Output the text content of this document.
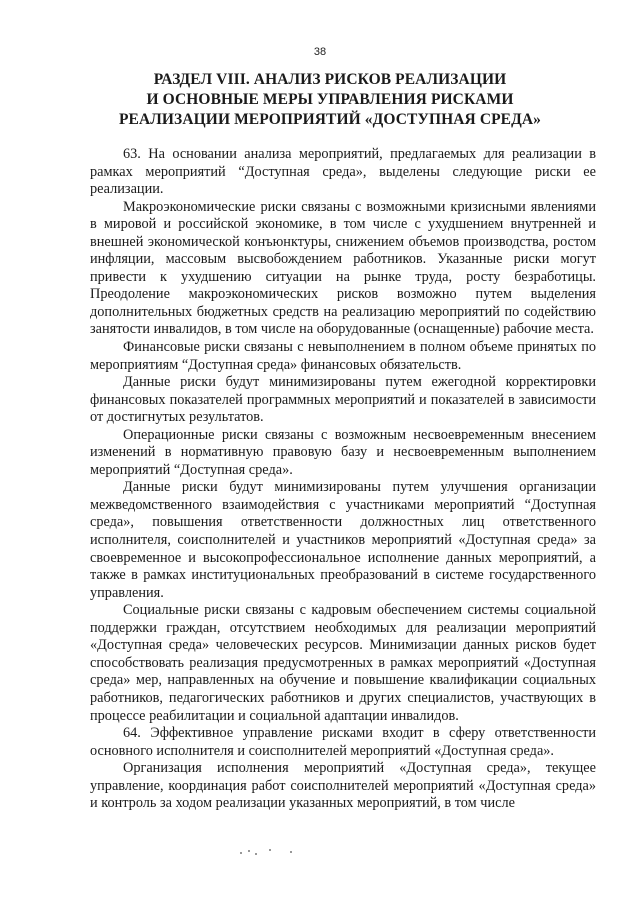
38
РАЗДЕЛ VIII. АНАЛИЗ РИСКОВ РЕАЛИЗАЦИИ
И ОСНОВНЫЕ МЕРЫ УПРАВЛЕНИЯ РИСКАМИ
РЕАЛИЗАЦИИ МЕРОПРИЯТИЙ «ДОСТУПНАЯ СРЕДА»

63. На основании анализа мероприятий, предлагаемых для реализации в рамках мероприятий “Доступная среда», выделены следующие риски ее реализации.

Макроэкономические риски связаны с возможными кризисными явлениями в мировой и российской экономике, в том числе с ухудшением внутренней и внешней экономической конъюнктуры, снижением объемов производства, ростом инфляции, массовым высвобождением работников. Указанные риски могут привести к ухудшению ситуации на рынке труда, росту безработицы. Преодоление макроэкономических рисков возможно путем выделения дополнительных бюджетных средств на реализацию мероприятий по содействию занятости инвалидов, в том числе на оборудованные (оснащенные) рабочие места.

Финансовые риски связаны с невыполнением в полном объеме принятых по мероприятиям “Доступная среда» финансовых обязательств.

Данные риски будут минимизированы путем ежегодной корректировки финансовых показателей программных мероприятий и показателей в зависимости от достигнутых результатов.

Операционные риски связаны с возможным несвоевременным внесением изменений в нормативную правовую базу и несвоевременным выполнением мероприятий “Доступная среда».

Данные риски будут минимизированы путем улучшения организации межведомственного взаимодействия с участниками мероприятий “Доступная среда», повышения ответственности должностных лиц ответственного исполнителя, соисполнителей и участников мероприятий «Доступная среда» за своевременное и высокопрофессиональное исполнение данных мероприятий, а также в рамках институциональных преобразований в системе государственного управления.

Социальные риски связаны с кадровым обеспечением системы социальной поддержки граждан, отсутствием необходимых для реализации мероприятий «Доступная среда» человеческих ресурсов. Минимизации данных рисков будет способствовать реализация предусмотренных в рамках мероприятий «Доступная среда» мер, направленных на обучение и повышение квалификации социальных работников, педагогических работников и других специалистов, участвующих в процессе реабилитации и социальной адаптации инвалидов.

64. Эффективное управление рисками входит в сферу ответственности основного исполнителя и соисполнителей мероприятий «Доступная среда».

Организация исполнения мероприятий «Доступная среда», текущее управление, координация работ соисполнителей мероприятий «Доступная среда» и контроль за ходом реализации указанных мероприятий, в том числе
